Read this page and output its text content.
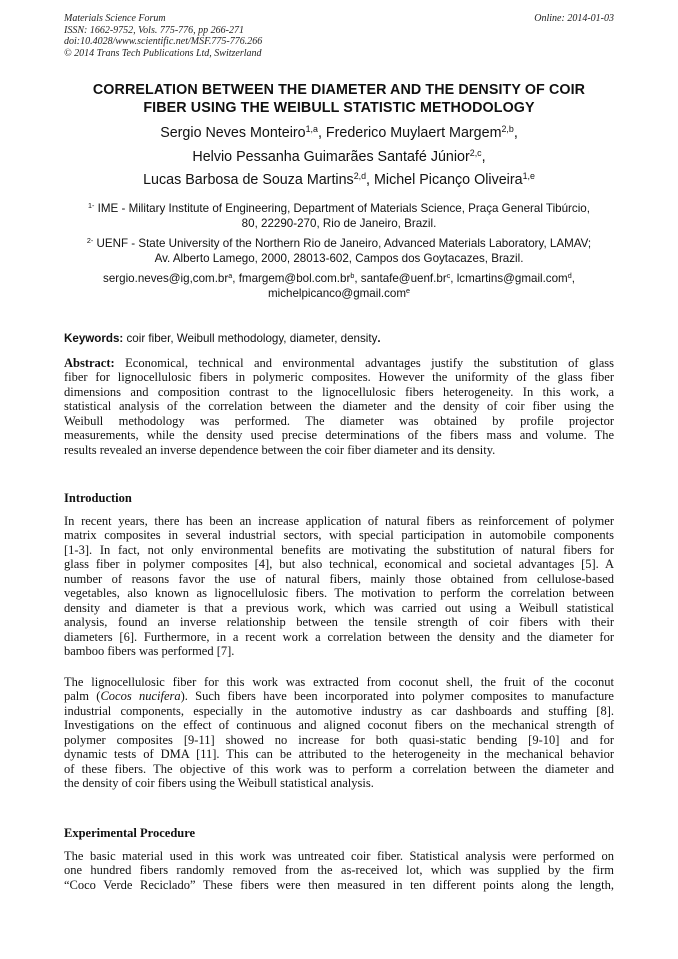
Materials Science Forum
ISSN: 1662-9752, Vols. 775-776, pp 266-271
doi:10.4028/www.scientific.net/MSF.775-776.266
© 2014 Trans Tech Publications Ltd, Switzerland
Online: 2014-01-03
CORRELATION BETWEEN THE DIAMETER AND THE DENSITY OF COIR
FIBER USING THE WEIBULL STATISTIC METHODOLOGY
Sergio Neves Monteiro$^{1,a}$, Frederico Muylaert Margem$^{2,b}$,
Helvio Pessanha Guimarães Santafé Júnior$^{2,c}$,
Lucas Barbosa de Souza Martins$^{2,d}$, Michel Picanço Oliveira$^{1,e}$
$^{1-}$ IME - Military Institute of Engineering, Department of Materials Science, Praça General Tibúrcio,
80, 22290-270, Rio de Janeiro, Brazil.
$^{2-}$ UENF - State University of the Northern Rio de Janeiro, Advanced Materials Laboratory, LAMAV;
Av. Alberto Lamego, 2000, 28013-602, Campos dos Goytacazes, Brazil.
$sergio.neves@ig,com.br^a$, $fmargem@bol.com.br^b$, $santafe@uenf.br^c$, lcmartins@gmail.com$^d$,
michelpicanco@gmail.com$^e$
Keywords: coir fiber, Weibull methodology, diameter, density.
Abstract: Economical, technical and environmental advantages justify the substitution of glass
fiber for lignocellulosic fibers in polymeric composites. However the uniformity of the glass fiber
dimensions and composition contrast to the lignocellulosic fibers heterogeneity. In this work, a
statistical analysis of the correlation between the diameter and the density of coir fiber using the
Weibull methodology was performed. The diameter was obtained by profile projector
measurements, while the density used precise determinations of the fibers mass and volume. The
results revealed an inverse dependence between the coir fiber diameter and its density.
Introduction
In recent years, there has been an increase application of natural fibers as reinforcement of polymer
matrix composites in several industrial sectors, with special participation in automobile components
[1-3]. In fact, not only environmental benefits are motivating the substitution of natural fibers for
glass fiber in polymer composites [4], but also technical, economical and societal advantages [5]. A
number of reasons favor the use of natural fibers, mainly those obtained from cellulose-based
vegetables, also known as lignocellulosic fibers. The motivation to perform the correlation between
density and diameter is that a previous work, which was carried out using a Weibull statistical
analysis, found an inverse relationship between the tensile strength of coir fibers with their
diameters [6]. Furthermore, in a recent work a correlation between the density and the diameter for
bamboo fibers was performed [7].
The lignocellulosic fiber for this work was extracted from coconut shell, the fruit of the coconut
palm (Cocos nucifera). Such fibers have been incorporated into polymer composites to manufacture
industrial components, especially in the automotive industry as car dashboards and stuffing [8].
Investigations on the effect of continuous and aligned coconut fibers on the mechanical strength of
polymer composites [9-11] showed no increase for both quasi-static bending [9-10] and for
dynamic tests of DMA [11]. This can be attributed to the heterogeneity in the mechanical behavior
of these fibers. The objective of this work was to perform a correlation between the diameter and
the density of coir fibers using the Weibull statistical analysis.
Experimental Procedure
The basic material used in this work was untreated coir fiber. Statistical analysis were performed on
one hundred fibers randomly removed from the as-received lot, which was supplied by the firm
“Coco Verde Reciclado” These fibers were then measured in ten different points along the length,
